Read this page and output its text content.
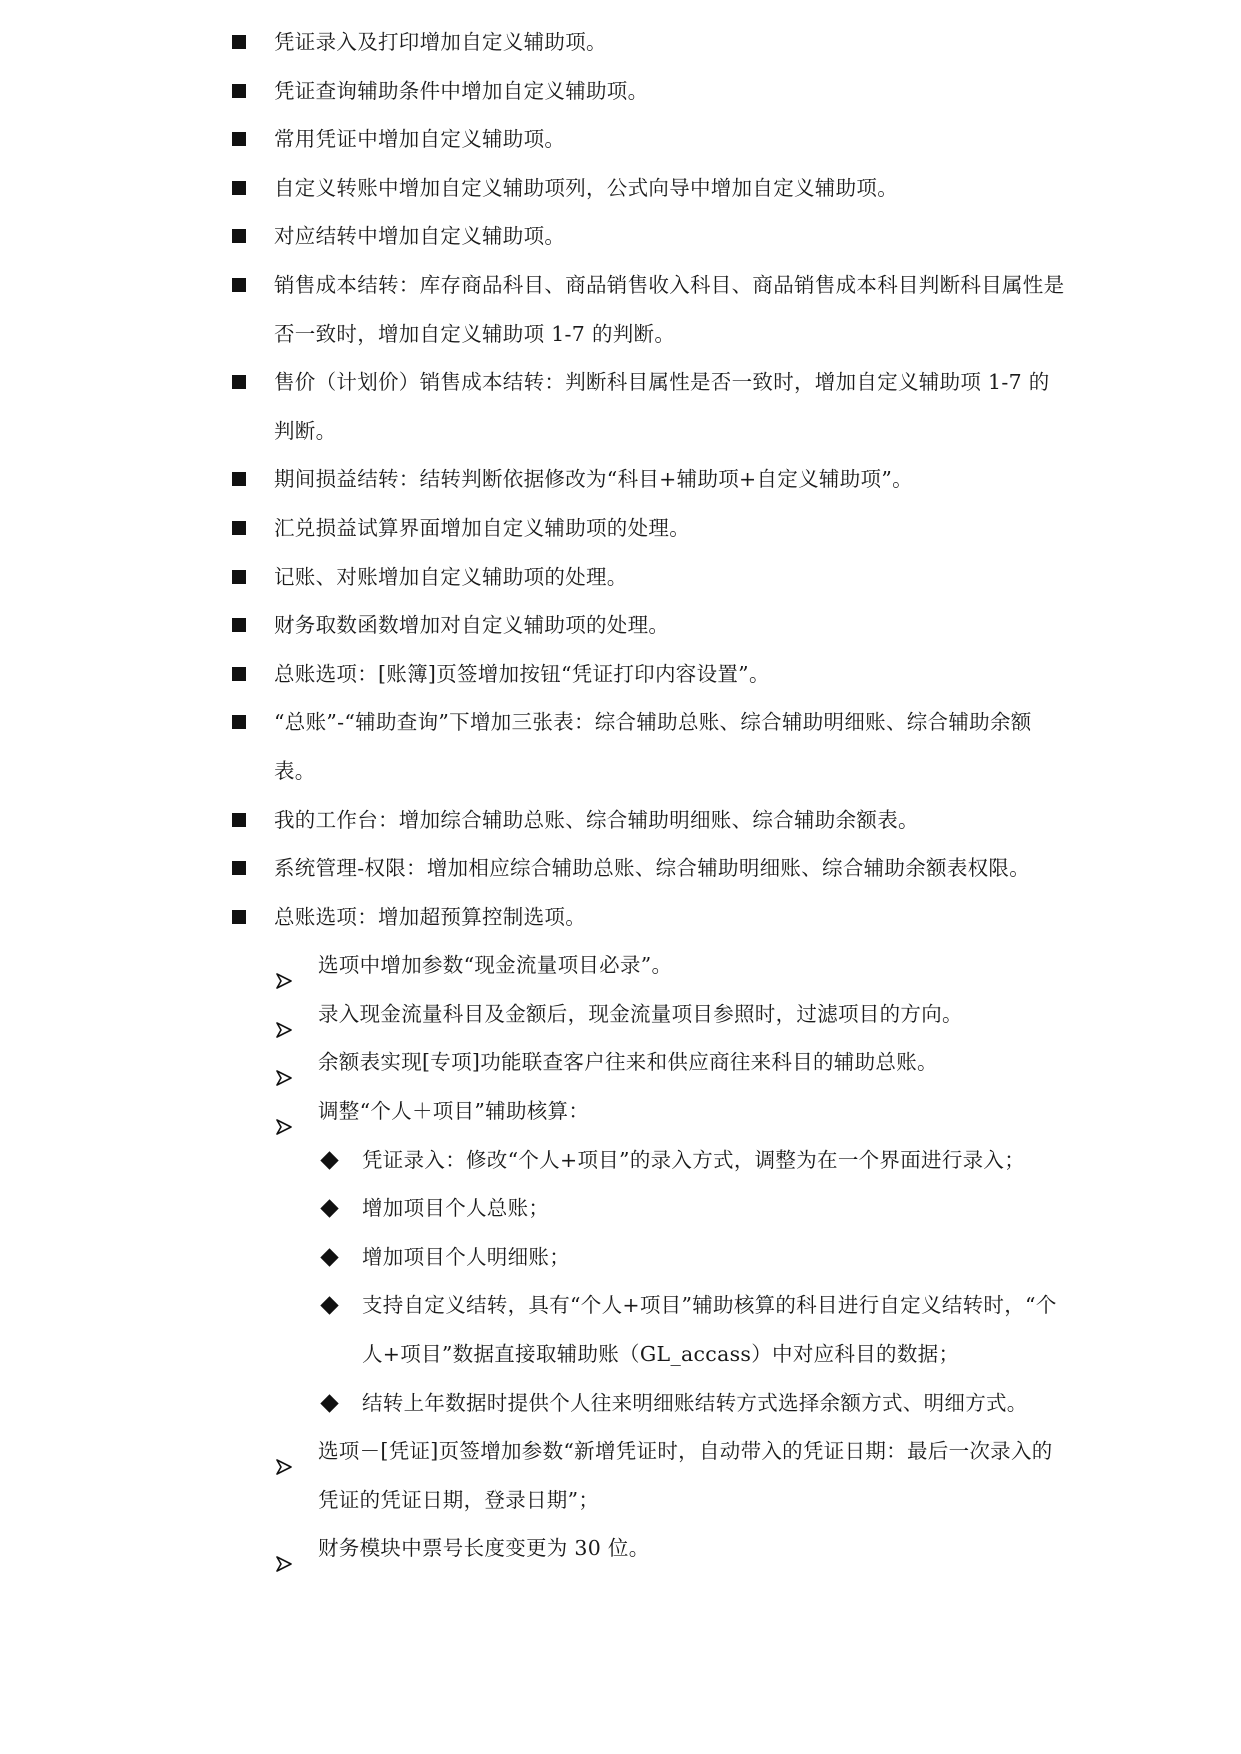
凭证录入及打印增加自定义辅助项。
凭证查询辅助条件中增加自定义辅助项。
常用凭证中增加自定义辅助项。
自定义转账中增加自定义辅助项列，公式向导中增加自定义辅助项。
对应结转中增加自定义辅助项。
销售成本结转：库存商品科目、商品销售收入科目、商品销售成本科目判断科目属性是否一致时，增加自定义辅助项 1-7 的判断。
售价（计划价）销售成本结转：判断科目属性是否一致时，增加自定义辅助项 1-7 的判断。
期间损益结转：结转判断依据修改为“科目+辅助项+自定义辅助项”。
汇兑损益试算界面增加自定义辅助项的处理。
记账、对账增加自定义辅助项的处理。
财务取数函数增加对自定义辅助项的处理。
总账选项：[账簿]页签增加按钮“凭证打印内容设置”。
“总账”-“辅助查询”下增加三张表：综合辅助总账、综合辅助明细账、综合辅助余额表。
我的工作台：增加综合辅助总账、综合辅助明细账、综合辅助余额表。
系统管理-权限：增加相应综合辅助总账、综合辅助明细账、综合辅助余额表权限。
总账选项：增加超预算控制选项。
选项中增加参数“现金流量项目必录”。
录入现金流量科目及金额后，现金流量项目参照时，过滤项目的方向。
余额表实现[专项]功能联查客户往来和供应商往来科目的辅助总账。
调整“个人＋项目”辅助核算：
凭证录入：修改“个人+项目”的录入方式，调整为在一个界面进行录入；
增加项目个人总账；
增加项目个人明细账；
支持自定义结转，具有“个人+项目”辅助核算的科目进行自定义结转时，“个人+项目”数据直接取辅助账（GL_accass）中对应科目的数据；
结转上年数据时提供个人往来明细账结转方式选择余额方式、明细方式。
选项－[凭证]页签增加参数“新增凭证时，自动带入的凭证日期：最后一次录入的凭证的凭证日期，登录日期”；
财务模块中票号长度变更为 30 位。
